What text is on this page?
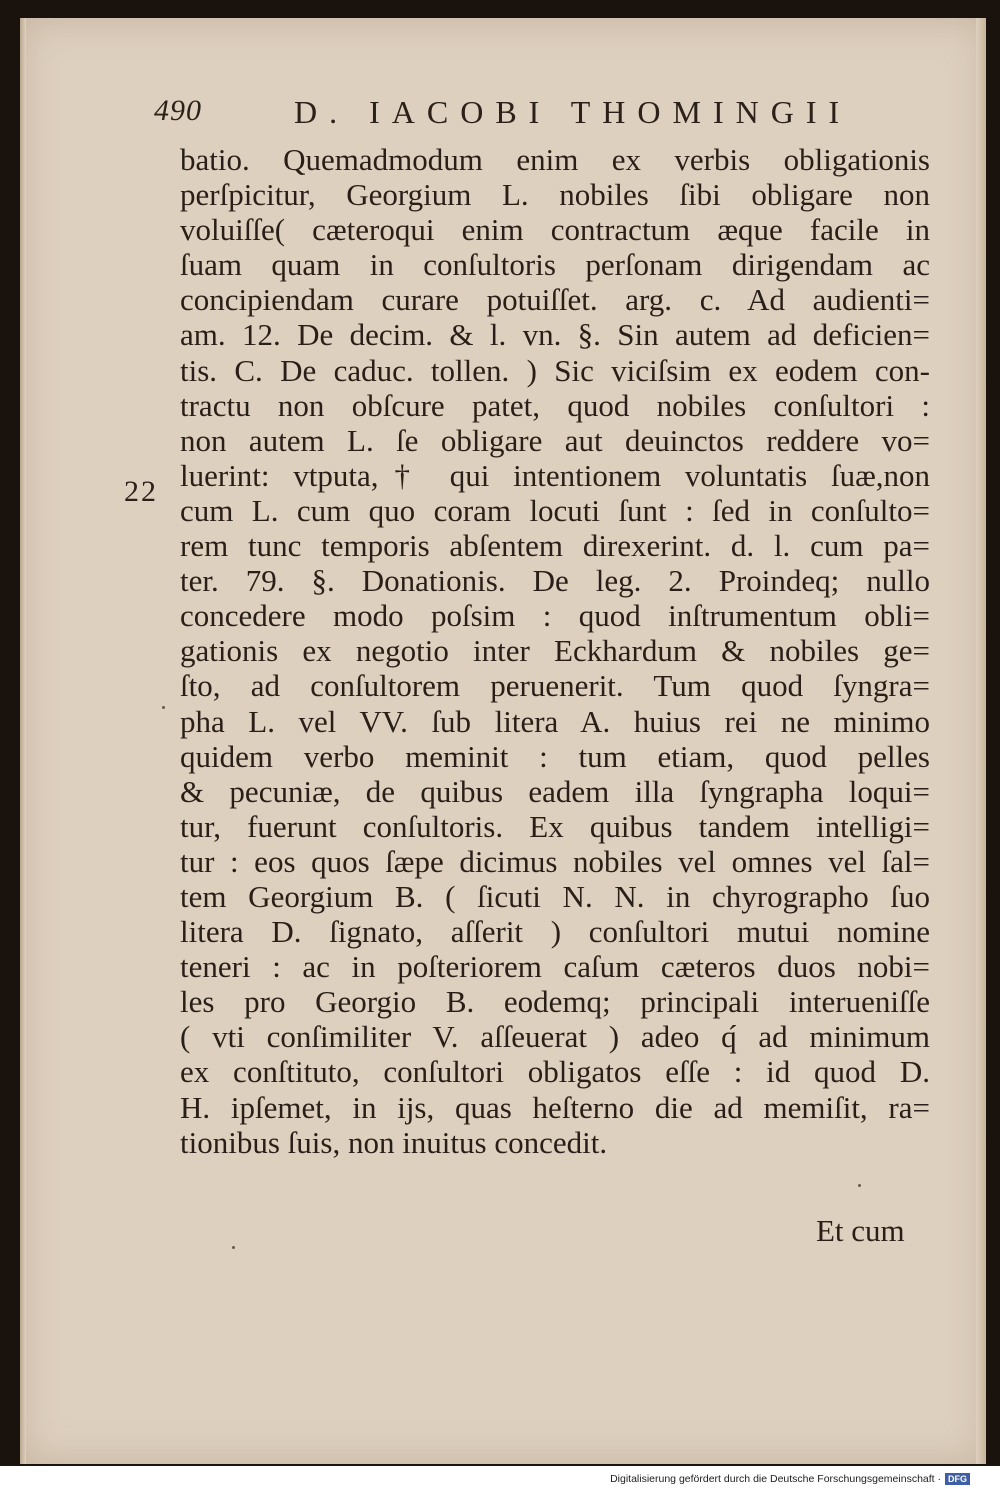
490	D. IACOBI THOMINGII
22
batio. Quemadmodum enim ex verbis obligationis
perſpicitur, Georgium L. nobiles ſibi obligare non
voluiſſe( cæteroqui enim contractum æque facile in
ſuam quam in conſultoris perſonam dirigendam ac
concipiendam curare potuiſſet. arg. c. Ad audienti=
am. 12. De decim. & l. vn. §. Sin autem ad deficien=
tis. C. De caduc. tollen. ) Sic viciſsim ex eodem con-
tractu non obſcure patet, quod nobiles conſultori :
non autem L. ſe obligare aut deuinctos reddere vo=
luerint: vtputa,† qui intentionem voluntatis ſuæ,non
cum L. cum quo coram locuti ſunt : ſed in conſulto=
rem tunc temporis abſentem direxerint. d. l. cum pa=
ter. 79. §. Donationis. De leg. 2. Proindeq; nullo
concedere modo poſsim : quod inſtrumentum obli=
gationis ex negotio inter Eckhardum & nobiles ge=
ſto, ad conſultorem peruenerit. Tum quod ſyngra=
pha L. vel VV. ſub litera A. huius rei ne minimo
quidem verbo meminit : tum etiam, quod pelles
& pecuniæ, de quibus eadem illa ſyngrapha loqui=
tur, fuerunt conſultoris. Ex quibus tandem intelligi=
tur : eos quos ſæpe dicimus nobiles vel omnes vel ſal=
tem Georgium B. ( ſicuti N. N. in chyrographo ſuo
litera D. ſignato, aſſerit ) conſultori mutui nomine
teneri : ac in poſteriorem caſum cæteros duos nobi=
les pro Georgio B. eodemq; principali interueniſſe
( vti conſimiliter V. aſſeuerat ) adeo q́ ad minimum
ex conſtituto, conſultori obligatos eſſe : id quod D.
H. ipſemet, in ijs, quas heſterno die ad memiſit, ra=
tionibus ſuis, non inuitus concedit.
Et cum
Digitalisierung gefördert durch die Deutsche Forschungsgemeinschaft · DFG
